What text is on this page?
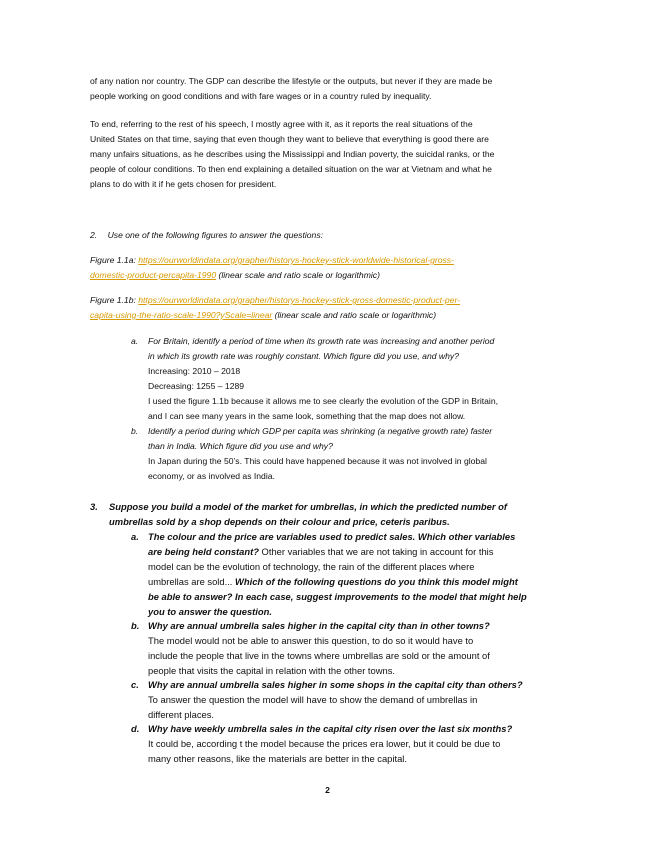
of any nation nor country. The GDP can describe the lifestyle or the outputs, but never if they are made be

people working on good conditions and with fare wages or in a country ruled by inequality.

To end, referring to the rest of his speech, I mostly agree with it, as it reports the real situations of the

United States on that time, saying that even though they want to believe that everything is good there are

many unfairs situations, as he describes using the Mississippi and Indian poverty, the suicidal ranks, or the

people of colour conditions. To then end explaining a detailed situation on the war at Vietnam and what he

plans to do with it if he gets chosen for president.

2. Use one of the following figures to answer the questions:

Figure 1.1a: https://ourworldindata.org/grapher/historys-hockey-stick-worldwide-historical-gross-

domestic-product-percapita-1990 (linear scale and ratio scale or logarithmic)

Figure 1.1b: https://ourworldindata.org/grapher/historys-hockey-stick-gross-domestic-product-per-

capita-using-the-ratio-scale-1990?yScale=linear (linear scale and ratio scale or logarithmic)

a. For Britain, identify a period of time when its growth rate was increasing and another period

in which its growth rate was roughly constant. Which figure did you use, and why?

Increasing: 2010 – 2018

Decreasing: 1255 – 1289

I used the figure 1.1b because it allows me to see clearly the evolution of the GDP in Britain,

and I can see many years in the same look, something that the map does not allow.

b. Identify a period during which GDP per capita was shrinking (a negative growth rate) faster

than in India. Which figure did you use and why?

In Japan during the 50’s. This could have happened because it was not involved in global

economy, or as involved as India.

3. Suppose you build a model of the market for umbrellas, in which the predicted number of

umbrellas sold by a shop depends on their colour and price, ceteris paribus.

a. The colour and the price are variables used to predict sales. Which other variables

are being held constant? Other variables that we are not taking in account for this

model can be the evolution of technology, the rain of the different places where

umbrellas are sold... Which of the following questions do you think this model might

be able to answer? In each case, suggest improvements to the model that might help

you to answer the question.

b. Why are annual umbrella sales higher in the capital city than in other towns?

The model would not be able to answer this question, to do so it would have to

include the people that live in the towns where umbrellas are sold or the amount of

people that visits the capital in relation with the other towns.

c. Why are annual umbrella sales higher in some shops in the capital city than others?

To answer the question the model will have to show the demand of umbrellas in

different places.

d. Why have weekly umbrella sales in the capital city risen over the last six months?

It could be, according t the model because the prices era lower, but it could be due to

many other reasons, like the materials are better in the capital.

2
